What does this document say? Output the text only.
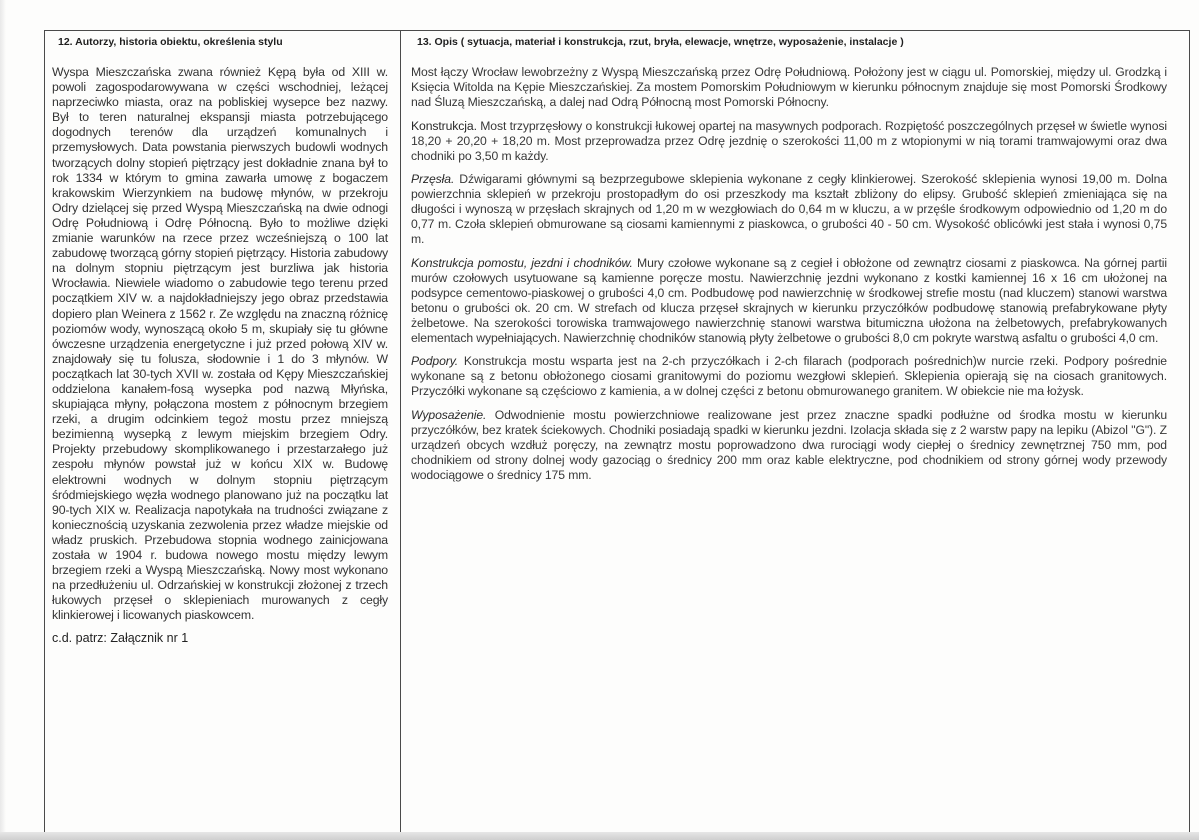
12. Autorzy, historia obiektu, określenia stylu

Wyspa Mieszczańska zwana również Kępą była od XIII w. powoli zagospodarowywana w części wschodniej, leżącej naprzeciwko miasta, oraz na pobliskiej wysepce bez nazwy. Był to teren naturalnej ekspansji miasta potrzebującego dogodnych terenów dla urządzeń komunalnych i przemysłowych. Data powstania pierwszych budowli wodnych tworzących dolny stopień piętrzący jest dokładnie znana był to rok 1334 w którym to gmina zawarła umowę z bogaczem krakowskim Wierzynkiem na budowę młynów, w przekroju Odry dzielącej się przed Wyspą Mieszczańską na dwie odnogi Odrę Południową i Odrę Północną. Było to możliwe dzięki zmianie warunków na rzece przez wcześniejszą o 100 lat zabudowę tworzącą górny stopień piętrzący. Historia zabudowy na dolnym stopniu piętrzącym jest burzliwa jak historia Wrocławia. Niewiele wiadomo o zabudowie tego terenu przed początkiem XIV w. a najdokładniejszy jego obraz przedstawia dopiero plan Weinera z 1562 r. Ze względu na znaczną różnicę poziomów wody, wynoszącą około 5 m, skupiały się tu główne ówczesne urządzenia energetyczne i już przed połową XIV w. znajdowały się tu folusza, słodownie i 1 do 3 młynów. W początkach lat 30-tych XVII w. została od Kępy Mieszczańskiej oddzielona kanałem-fosą wysepka pod nazwą Młyńska, skupiająca młyny, połączona mostem z północnym brzegiem rzeki, a drugim odcinkiem tegoż mostu przez mniejszą bezimienną wysepką z lewym miejskim brzegiem Odry. Projekty przebudowy skomplikowanego i przestarzałego już zespołu młynów powstał już w końcu XIX w. Budowę elektrowni wodnych w dolnym stopniu piętrzącym śródmiejskiego węzła wodnego planowano już na początku lat 90-tych XIX w. Realizacja napotykała na trudności związane z koniecznością uzyskania zezwolenia przez władze miejskie od władz pruskich. Przebudowa stopnia wodnego zainicjowana została w 1904 r. budowa nowego mostu między lewym brzegiem rzeki a Wyspą Mieszczańską. Nowy most wykonano na przedłużeniu ul. Odrzańskiej w konstrukcji złożonej z trzech łukowych przęseł o sklepieniach murowanych z cegły klinkierowej i licowanych piaskowcem.

c.d. patrz: Załącznik nr 1
13. Opis ( sytuacja, materiał i konstrukcja, rzut, bryła, elewacje, wnętrze, wyposażenie, instalacje )

Most łączy Wrocław lewobrzeżny z Wyspą Mieszczańską przez Odrę Południową. Położony jest w ciągu ul. Pomorskiej, między ul. Grodzką i Księcia Witolda na Kępie Mieszczańskiej. Za mostem Pomorskim Południowym w kierunku północnym znajduje się most Pomorski Środkowy nad Śluzą Mieszczańską, a dalej nad Odrą Północną most Pomorski Północny.

Konstrukcja. Most trzyprzęsłowy o konstrukcji łukowej opartej na masywnych podporach. Rozpiętość poszczególnych przęseł w świetle wynosi 18,20 + 20,20 + 18,20 m. Most przeprowadza przez Odrę jezdnię o szerokości 11,00 m z wtopionymi w nią torami tramwajowymi oraz dwa chodniki po 3,50 m każdy.

Przęsła. Dźwigarami głównymi są bezprzegubowe sklepienia wykonane z cegły klinkierowej. Szerokość sklepienia wynosi 19,00 m. Dolna powierzchnia sklepień w przekroju prostopadłym do osi przeszkody ma kształt zbliżony do elipsy. Grubość sklepień zmieniająca się na długości i wynoszą w przęsłach skrajnych od 1,20 m w wezgłowiach do 0,64 m w kluczu, a w przęśle środkowym odpowiednio od 1,20 m do 0,77 m. Czoła sklepień obmurowane są ciosami kamiennymi z piaskowca, o grubości 40 - 50 cm. Wysokość oblicówki jest stała i wynosi 0,75 m.

Konstrukcja pomostu, jezdni i chodników. Mury czołowe wykonane są z cegieł i obłożone od zewnątrz ciosami z piaskowca. Na górnej partii murów czołowych usytuowane są kamienne poręcze mostu. Nawierzchnię jezdni wykonano z kostki kamiennej 16 x 16 cm ułożonej na podsypce cementowo-piaskowej o grubości 4,0 cm. Podbudowę pod nawierzchnię w środkowej strefie mostu (nad kluczem) stanowi warstwa betonu o grubości ok. 20 cm. W strefach od klucza przęseł skrajnych w kierunku przyczółków podbudowę stanowią prefabrykowane płyty żelbetowe. Na szerokości torowiska tramwajowego nawierzchnię stanowi warstwa bitumiczna ułożona na żelbetowych, prefabrykowanych elementach wypełniających. Nawierzchnię chodników stanowią płyty żelbetowe o grubości 8,0 cm pokryte warstwą asfaltu o grubości 4,0 cm.

Podpory. Konstrukcja mostu wsparta jest na 2-ch przyczółkach i 2-ch filarach (podporach pośrednich)w nurcie rzeki. Podpory pośrednie wykonane są z betonu obłożonego ciosami granitowymi do poziomu wezgłowi sklepień. Sklepienia opierają się na ciosach granitowych. Przyczółki wykonane są częściowo z kamienia, a w dolnej części z betonu obmurowanego granitem. W obiekcie nie ma łożysk.

Wyposażenie. Odwodnienie mostu powierzchniowe realizowane jest przez znaczne spadki podłużne od środka mostu w kierunku przyczółków, bez kratek ściekowych. Chodniki posiadają spadki w kierunku jezdni. Izolacja składa się z 2 warstw papy na lepiku (Abizol "G"). Z urządzeń obcych wzdłuż poręczy, na zewnątrz mostu poprowadzono dwa rurociągi wody ciepłej o średnicy zewnętrznej 750 mm, pod chodnikiem od strony dolnej wody gazociąg o średnicy 200 mm oraz kable elektryczne, pod chodnikiem od strony górnej wody przewody wodociągowe o średnicy 175 mm.
